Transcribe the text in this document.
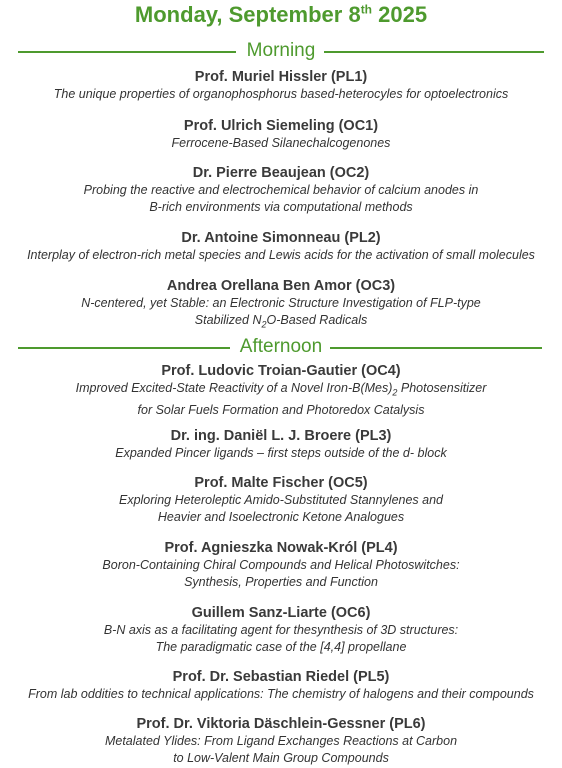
Monday, September 8th 2025
Morning
Prof. Muriel Hissler (PL1)
The unique properties of organophosphorus based-heterocyles for optoelectronics
Prof. Ulrich Siemeling (OC1)
Ferrocene-Based Silanechalcogenones
Dr. Pierre Beaujean (OC2)
Probing the reactive and electrochemical behavior of calcium anodes in
B-rich environments via computational methods
Dr. Antoine Simonneau (PL2)
Interplay of electron-rich metal species and Lewis acids for the activation of small molecules
Andrea Orellana Ben Amor (OC3)
N-centered, yet Stable: an Electronic Structure Investigation of FLP-type
Stabilized $N_2O$-Based Radicals
Afternoon
Prof. Ludovic Troian-Gautier (OC4)
Improved Excited-State Reactivity of a Novel Iron-$B(Mes)_2$ Photosensitizer
for Solar Fuels Formation and Photoredox Catalysis
Dr. ing. Daniël L. J. Broere (PL3)
Expanded Pincer ligands – first steps outside of the d- block
Prof. Malte Fischer (OC5)
Exploring Heteroleptic Amido-Substituted Stannylenes and
Heavier and Isoelectronic Ketone Analogues
Prof. Agnieszka Nowak-Król (PL4)
Boron-Containing Chiral Compounds and Helical Photoswitches:
Synthesis, Properties and Function
Guillem Sanz-Liarte (OC6)
B-N axis as a facilitating agent for thesynthesis of 3D structures:
The paradigmatic case of the [4,4] propellane
Prof. Dr. Sebastian Riedel (PL5)
From lab oddities to technical applications: The chemistry of halogens and their compounds
Prof. Dr. Viktoria Däschlein-Gessner (PL6)
Metalated Ylides: From Ligand Exchanges Reactions at Carbon
to Low-Valent Main Group Compounds
